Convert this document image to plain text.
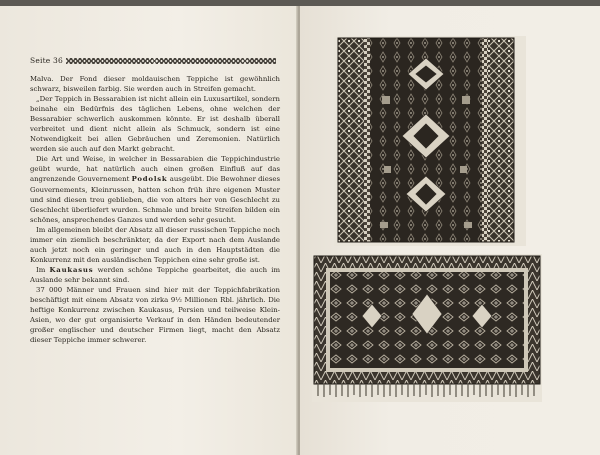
Seite 36

Malva. Der Fond dieser moldauischen Teppiche ist gewöhnlich schwarz, bisweilen farbig. Sie werden auch in Streifen gemacht.

„Der Teppich in Bessarabien ist nicht allein ein Luxusartikel, sondern beinahe ein Bedürfnis des täglichen Lebens, ohne welchen der Bessarabier schwerlich auskommen könnte. Er ist deshalb überall verbreitet und dient nicht allein als Schmuck, sondern ist eine Notwendigkeit bei allen Gebräuchen und Zeremonien. Natürlich werden sie auch auf den Markt gebracht.

Die Art und Weise, in welcher in Bessarabien die Teppichindustrie geübt wurde, hat natürlich auch einen großen Einfluß auf das angrenzende Gouvernement Podolsk ausgeübt. Die Bewohner dieses Gouvernements, Kleinrussen, hatten schon früh ihre eigenen Muster und sind diesen treu geblieben, die von alters her von Geschlecht zu Geschlecht überliefert wurden. Schmale und breite Streifen bilden ein schönes, ansprechendes Ganzes und werden sehr gesucht.

Im allgemeinen bleibt der Absatz all dieser russischen Teppiche noch immer ein ziemlich beschränkter, da der Export nach dem Auslande auch jetzt noch ein geringer und auch in den Hauptstädten die Konkurrenz mit den ausländischen Teppichen eine sehr große ist.

Im Kaukasus werden schöne Teppiche gearbeitet, die auch im Auslande sehr bekannt sind.

37 000 Männer und Frauen sind hier mit der Teppichfabrikation beschäftigt mit einem Absatz von zirka 9½ Millionen Rbl. jährlich. Die heftige Konkurrenz zwischen Kaukasus, Persien und teilweise Klein-Asien, wo der gut organisierte Verkauf in den Händen bedeutender großer englischer und deutscher Firmen liegt, macht den Absatz dieser Teppiche immer schwerer.
